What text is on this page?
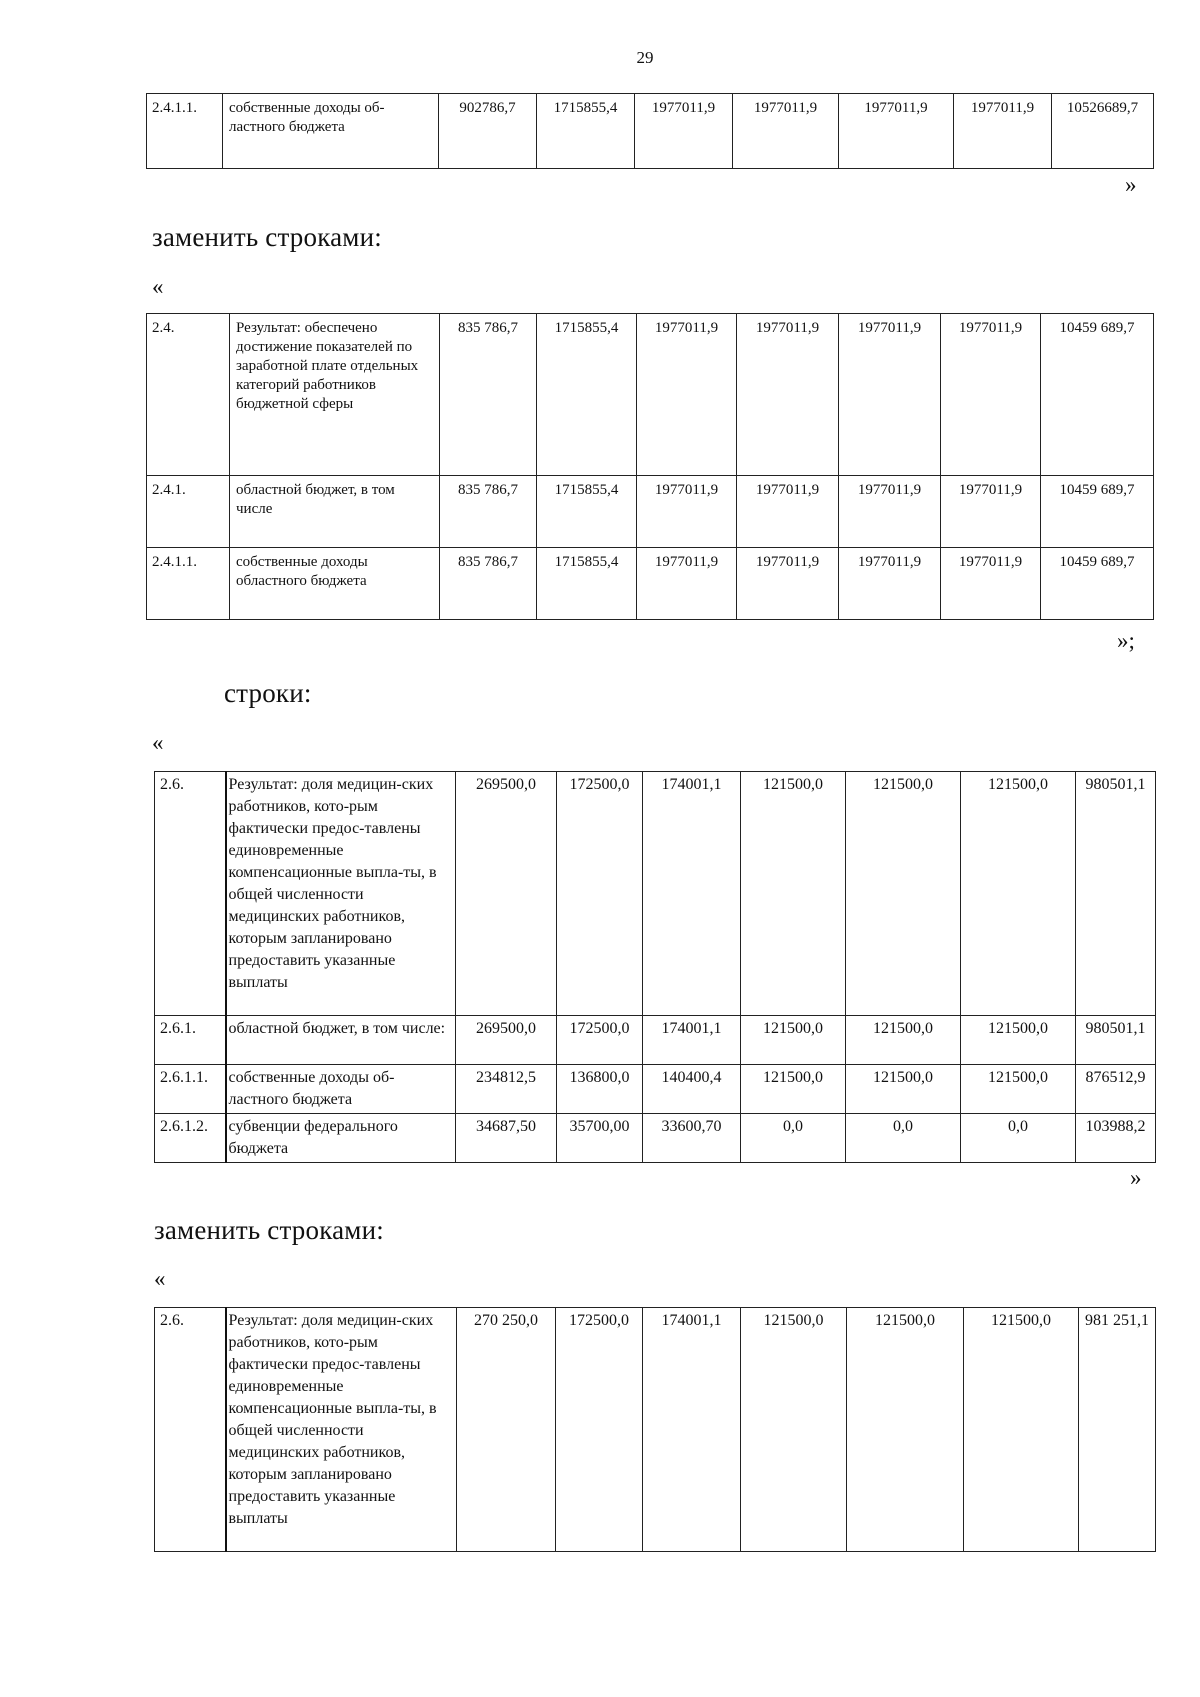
29
2.4.1.1.	собственные доходы об-ластного бюджета	902786,7	1715855,4	1977011,9	1977011,9	1977011,9	1977011,9	10526689,7
»
заменить строками:
«
2.4.	Результат: обеспечено достижение показателей по заработной плате отдельных категорий работников бюджетной сферы	835 786,7	1715855,4	1977011,9	1977011,9	1977011,9	1977011,9	10459 689,7
2.4.1.	областной бюджет, в том числе	835 786,7	1715855,4	1977011,9	1977011,9	1977011,9	1977011,9	10459 689,7
2.4.1.1.	собственные доходы областного бюджета	835 786,7	1715855,4	1977011,9	1977011,9	1977011,9	1977011,9	10459 689,7
»;
строки:
«
2.6.	Результат: доля медицин-ских работников, кото-рым фактически предос-тавлены единовременные компенсационные выпла-ты, в общей численности медицинских работников, которым запланировано предоставить указанные выплаты	269500,0	172500,0	174001,1	121500,0	121500,0	121500,0	980501,1
2.6.1.	областной бюджет, в том числе:	269500,0	172500,0	174001,1	121500,0	121500,0	121500,0	980501,1
2.6.1.1.	собственные доходы об-ластного бюджета	234812,5	136800,0	140400,4	121500,0	121500,0	121500,0	876512,9
2.6.1.2.	субвенции федерального бюджета	34687,50	35700,00	33600,70	0,0	0,0	0,0	103988,2
»
заменить строками:
«
2.6.	Результат: доля медицин-ских работников, кото-рым фактически предос-тавлены единовременные компенсационные выпла-ты, в общей численности медицинских работников, которым запланировано предоставить указанные выплаты	270 250,0	172500,0	174001,1	121500,0	121500,0	121500,0	981 251,1
